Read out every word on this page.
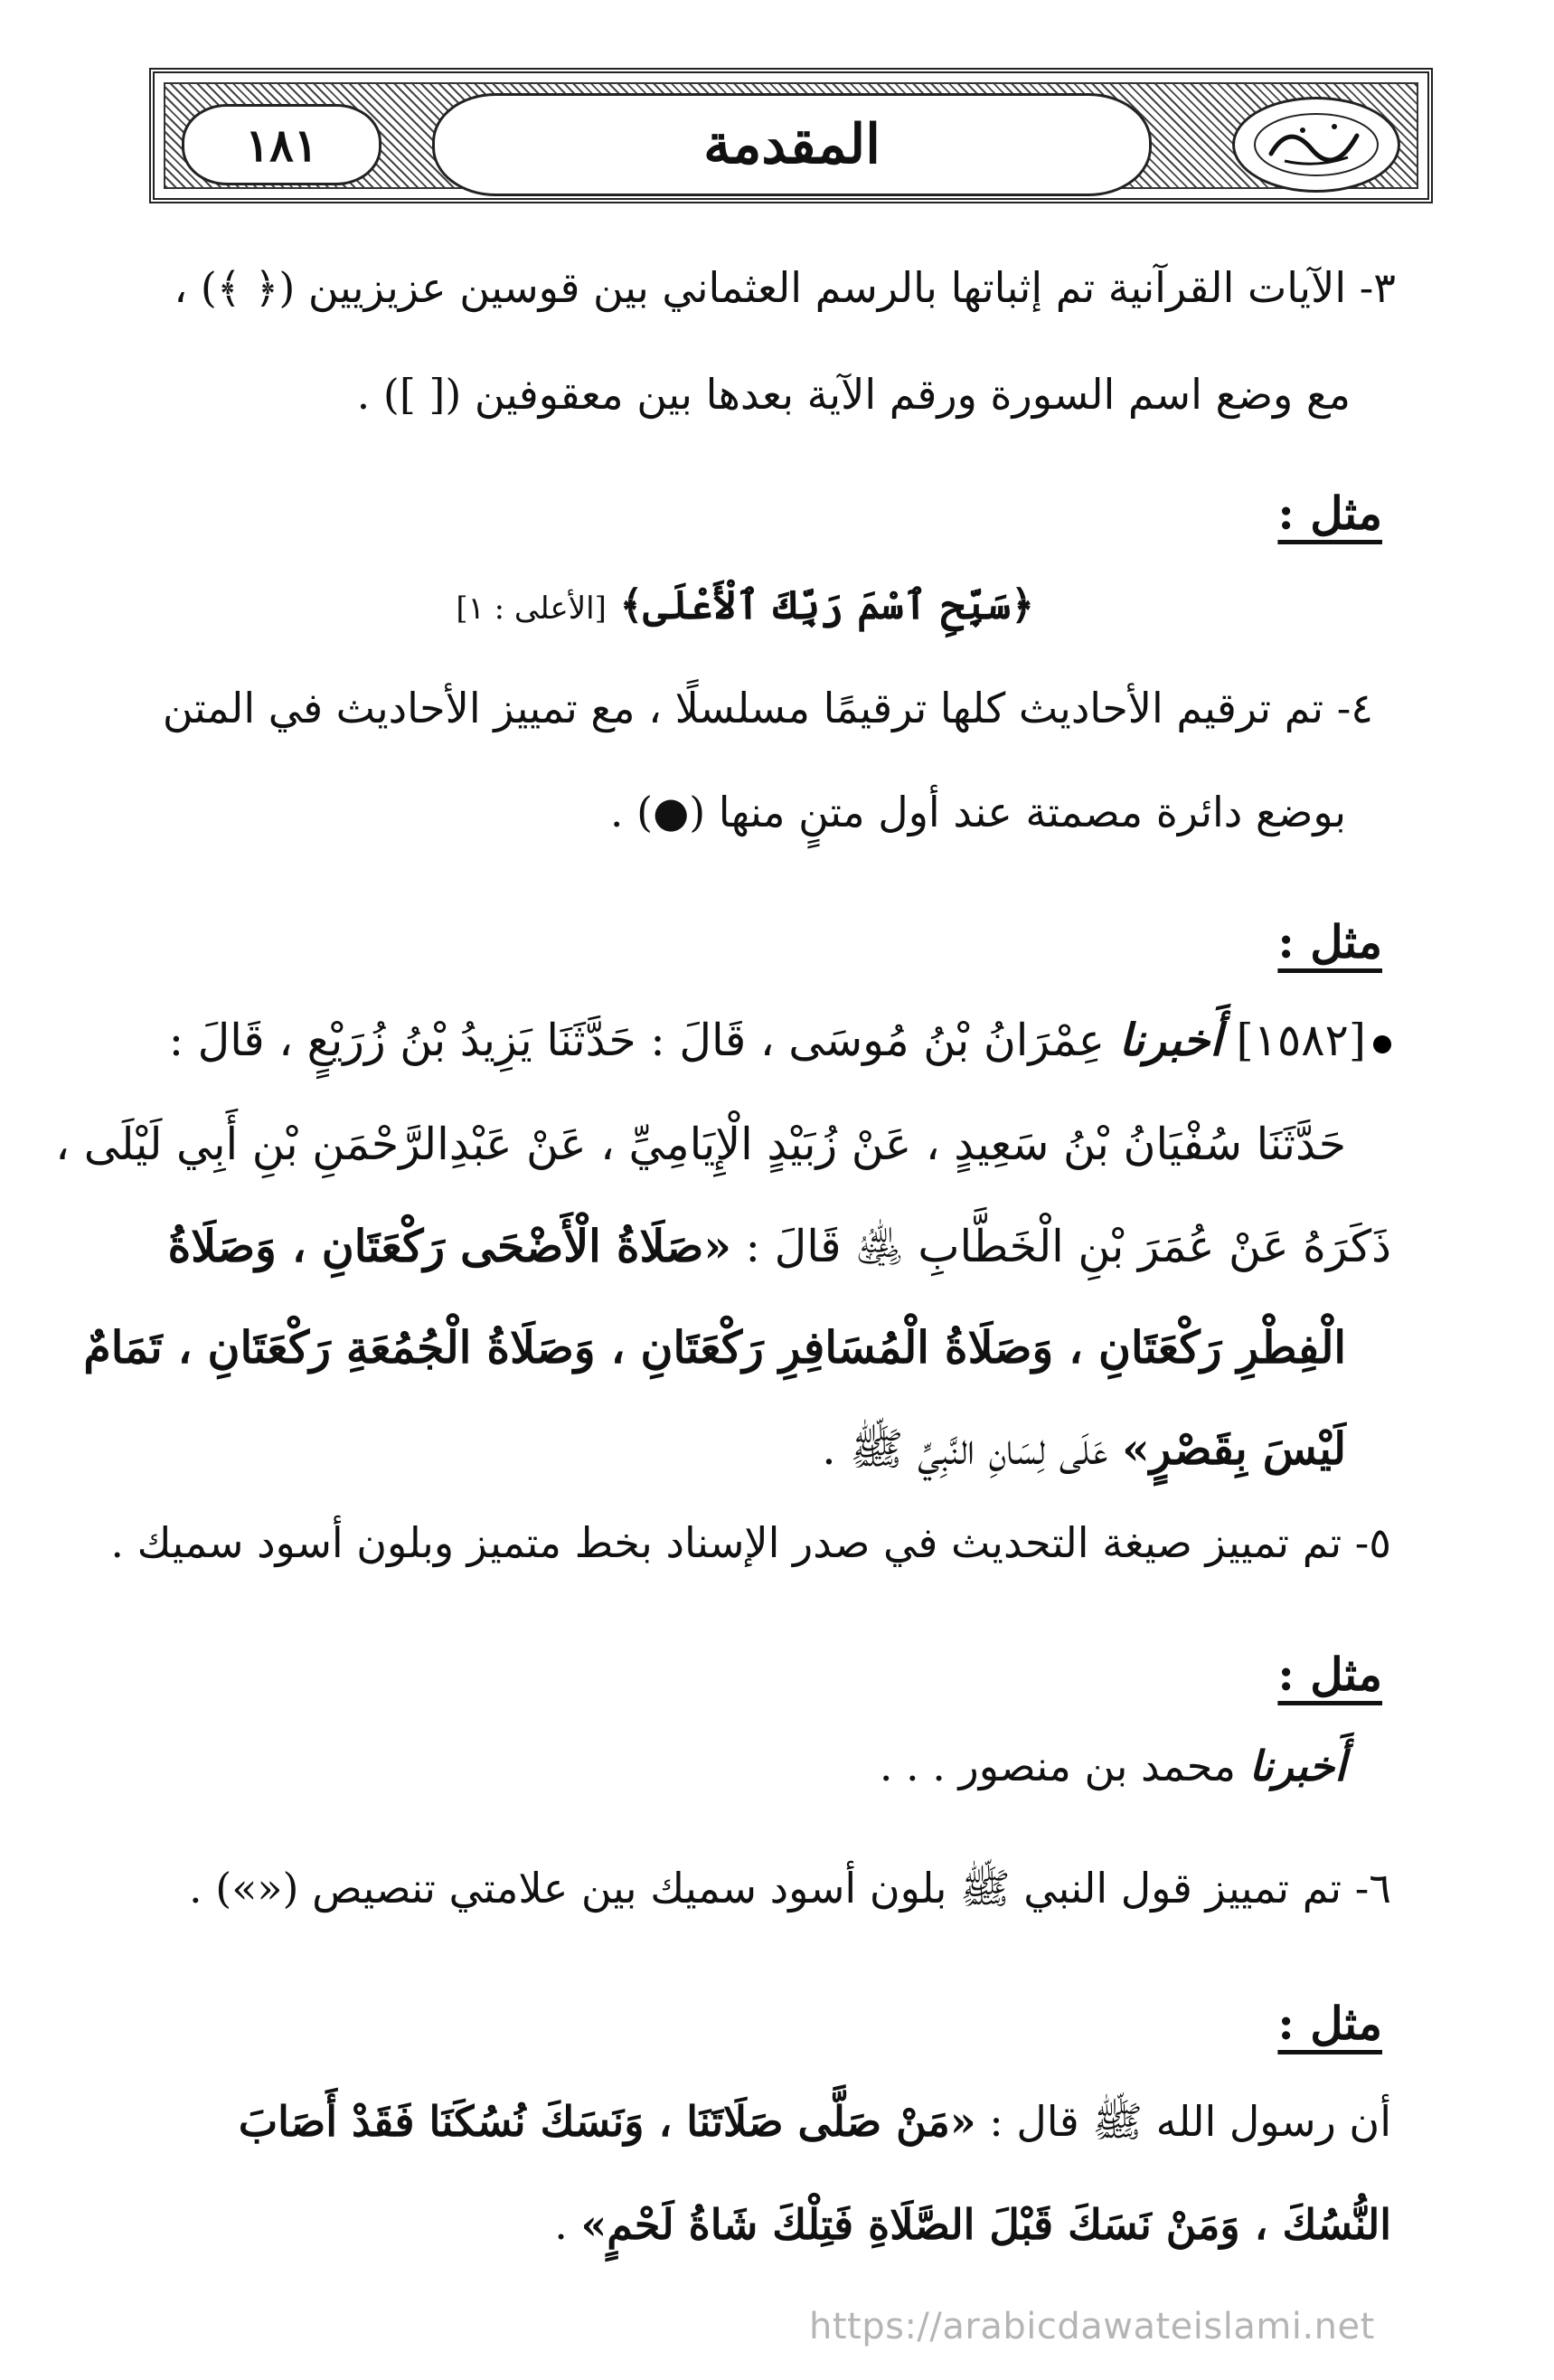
١٨١	المقدمة
٣- الآيات القرآنية تم إثباتها بالرسم العثماني بين قوسين عزيزيين (﴿ ﴾) ،
مع وضع اسم السورة ورقم الآية بعدها بين معقوفين ([ ]) .
مثل :
﴿سَبِّحِ ٱسْمَ رَبِّكَ ٱلْأَعْلَى﴾ [الأعلى : ١]
٤- تم ترقيم الأحاديث كلها ترقيمًا مسلسلًا ، مع تمييز الأحاديث في المتن
بوضع دائرة مصمتة عند أول متنٍ منها (●) .
مثل :
[١٥٨٢] أَخبرنا عِمْرَانُ بْنُ مُوسَى ، قَالَ : حَدَّثَنَا يَزِيدُ بْنُ زُرَيْعٍ ، قَالَ :
حَدَّثَنَا سُفْيَانُ بْنُ سَعِيدٍ ، عَنْ زُبَيْدٍ الْإِيَامِيِّ ، عَنْ عَبْدِالرَّحْمَنِ بْنِ أَبِي لَيْلَى ،
ذَكَرَهُ عَنْ عُمَرَ بْنِ الْخَطَّابِ ﵁ قَالَ : «صَلَاةُ الْأَضْحَى رَكْعَتَانِ ، وَصَلَاةُ
الْفِطْرِ رَكْعَتَانِ ، وَصَلَاةُ الْمُسَافِرِ رَكْعَتَانِ ، وَصَلَاةُ الْجُمُعَةِ رَكْعَتَانِ ، تَمَامٌ
لَيْسَ بِقَصْرٍ» عَلَى لِسَانِ النَّبِيِّ ﷺ .
٥- تم تمييز صيغة التحديث في صدر الإسناد بخط متميز وبلون أسود سميك .
مثل :
أَخبرنا محمد بن منصور . . .
٦- تم تمييز قول النبي ﷺ بلون أسود سميك بين علامتي تنصيص («») .
مثل :
أن رسول الله ﷺ قال : «مَنْ صَلَّى صَلَاتَنَا ، وَنَسَكَ نُسُكَنَا فَقَدْ أَصَابَ
النُّسُكَ ، وَمَنْ نَسَكَ قَبْلَ الصَّلَاةِ فَتِلْكَ شَاةُ لَحْمٍ» .
https://arabicdawateislami.net
